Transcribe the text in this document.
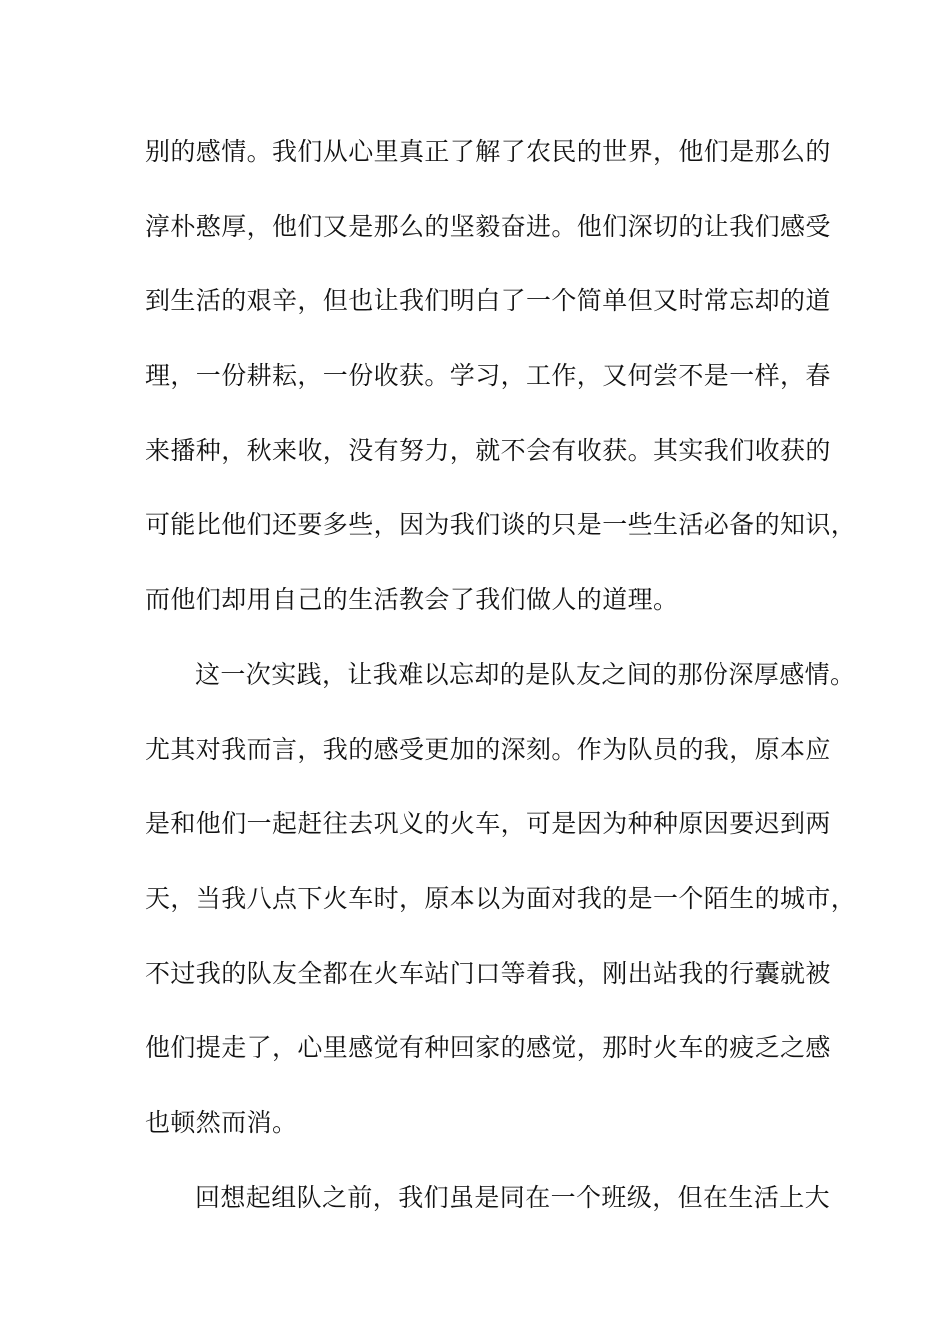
别的感情。我们从心里真正了解了农民的世界，他们是那么的
淳朴憨厚，他们又是那么的坚毅奋进。他们深切的让我们感受
到生活的艰辛，但也让我们明白了一个简单但又时常忘却的道
理，一份耕耘，一份收获。学习，工作，又何尝不是一样，春
来播种，秋来收，没有努力，就不会有收获。其实我们收获的
可能比他们还要多些，因为我们谈的只是一些生活必备的知识，
而他们却用自己的生活教会了我们做人的道理。
这一次实践，让我难以忘却的是队友之间的那份深厚感情。
尤其对我而言，我的感受更加的深刻。作为队员的我，原本应
是和他们一起赶往去巩义的火车，可是因为种种原因要迟到两
天，当我八点下火车时，原本以为面对我的是一个陌生的城市，
不过我的队友全都在火车站门口等着我，刚出站我的行囊就被
他们提走了，心里感觉有种回家的感觉，那时火车的疲乏之感
也顿然而消。
回想起组队之前，我们虽是同在一个班级，但在生活上大
